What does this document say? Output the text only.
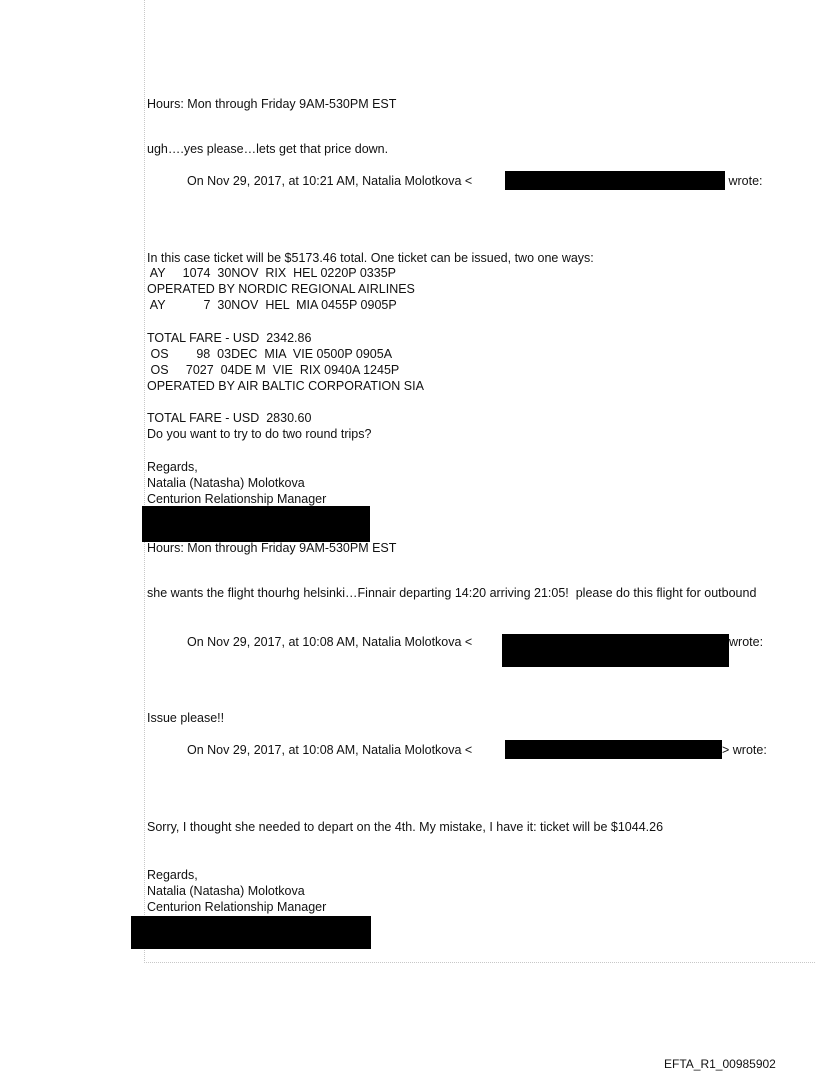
Hours: Mon through Friday 9AM-530PM EST

ugh….yes please…lets get that price down.

On Nov 29, 2017, at 10:21 AM, Natalia Molotkova <	wrote:

In this case ticket will be $5173.46 total. One ticket can be issued, two one ways:

AY     1074  30NOV  RIX  HEL 0220P 0335P

OPERATED BY NORDIC REGIONAL AIRLINES

AY           7  30NOV  HEL  MIA 0455P 0905P

TOTAL FARE - USD  2342.86

OS        98  03DEC  MIA  VIE 0500P 0905A

OS     7027  04DE M  VIE  RIX 0940A 1245P

OPERATED BY AIR BALTIC CORPORATION SIA

TOTAL FARE - USD  2830.60

Do you want to try to do two round trips?

Regards,

Natalia (Natasha) Molotkova

Centurion Relationship Manager

Hours: Mon through Friday 9AM-530PM EST

she wants the flight thourhg helsinki…Finnair departing 14:20 arriving 21:05!  please do this flight for outbound

On Nov 29, 2017, at 10:08 AM, Natalia Molotkova <	wrote:

Issue please!!

On Nov 29, 2017, at 10:08 AM, Natalia Molotkova <	> wrote:

Sorry, I thought she needed to depart on the 4th. My mistake, I have it: ticket will be $1044.26

Regards,

Natalia (Natasha) Molotkova

Centurion Relationship Manager

EFTA_R1_00985902
